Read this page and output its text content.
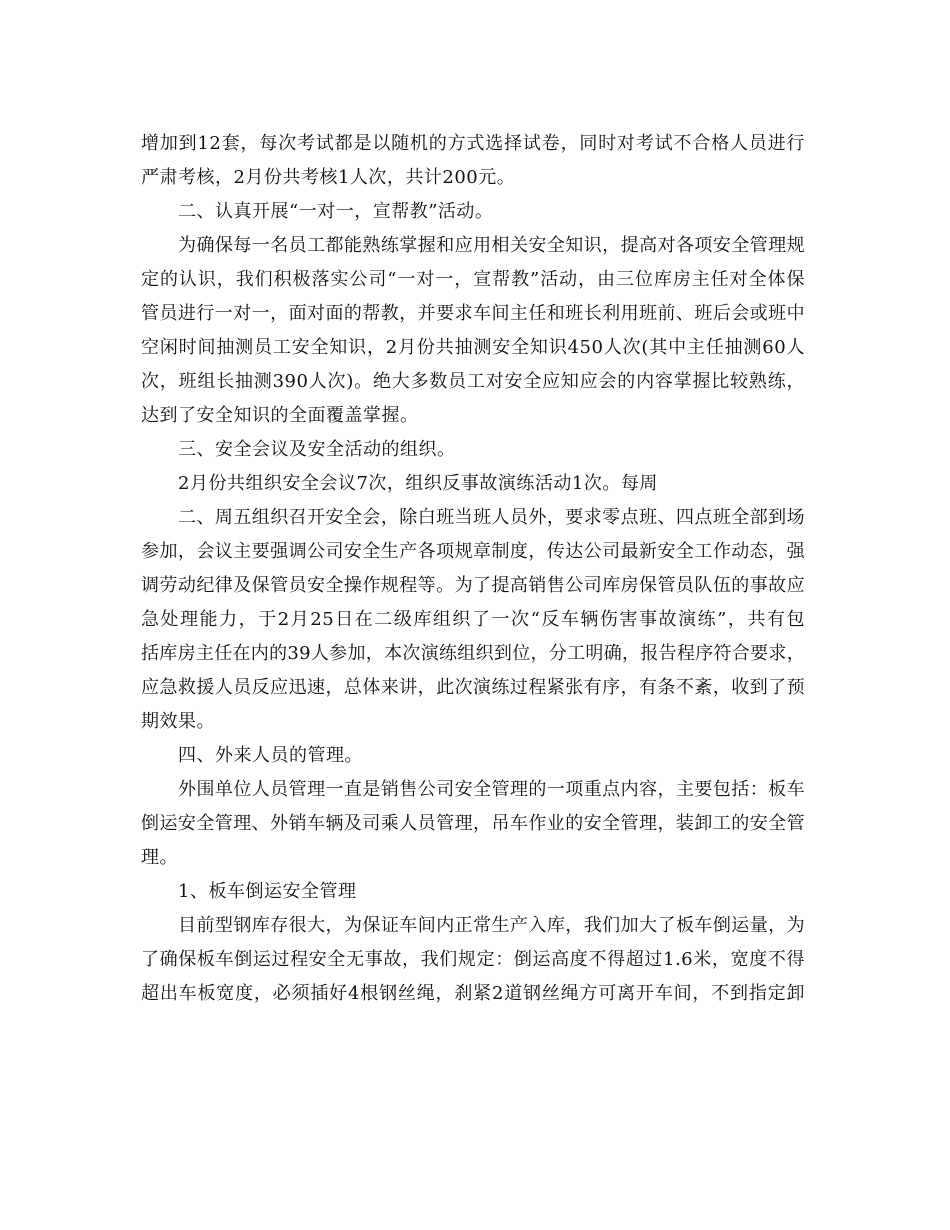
增加到12套，每次考试都是以随机的方式选择试卷，同时对考试不合格人员进行
严肃考核，2月份共考核1人次，共计200元。
二、认真开展“一对一，宣帮教”活动。
为确保每一名员工都能熟练掌握和应用相关安全知识，提高对各项安全管理规
定的认识，我们积极落实公司“一对一，宣帮教”活动，由三位库房主任对全体保
管员进行一对一，面对面的帮教，并要求车间主任和班长利用班前、班后会或班中
空闲时间抽测员工安全知识，2月份共抽测安全知识450人次(其中主任抽测60人
次，班组长抽测390人次)。绝大多数员工对安全应知应会的内容掌握比较熟练，
达到了安全知识的全面覆盖掌握。
三、安全会议及安全活动的组织。
2月份共组织安全会议7次，组织反事故演练活动1次。每周
二、周五组织召开安全会，除白班当班人员外，要求零点班、四点班全部到场
参加，会议主要强调公司安全生产各项规章制度，传达公司最新安全工作动态，强
调劳动纪律及保管员安全操作规程等。为了提高销售公司库房保管员队伍的事故应
急处理能力，于2月25日在二级库组织了一次“反车辆伤害事故演练”，共有包
括库房主任在内的39人参加，本次演练组织到位，分工明确，报告程序符合要求，
应急救援人员反应迅速，总体来讲，此次演练过程紧张有序，有条不紊，收到了预
期效果。
四、外来人员的管理。
外围单位人员管理一直是销售公司安全管理的一项重点内容，主要包括：板车
倒运安全管理、外销车辆及司乘人员管理，吊车作业的安全管理，装卸工的安全管
理。
1、板车倒运安全管理
目前型钢库存很大，为保证车间内正常生产入库，我们加大了板车倒运量，为
了确保板车倒运过程安全无事故，我们规定：倒运高度不得超过1.6米，宽度不得
超出车板宽度，必须插好4根钢丝绳，刹紧2道钢丝绳方可离开车间，不到指定卸
